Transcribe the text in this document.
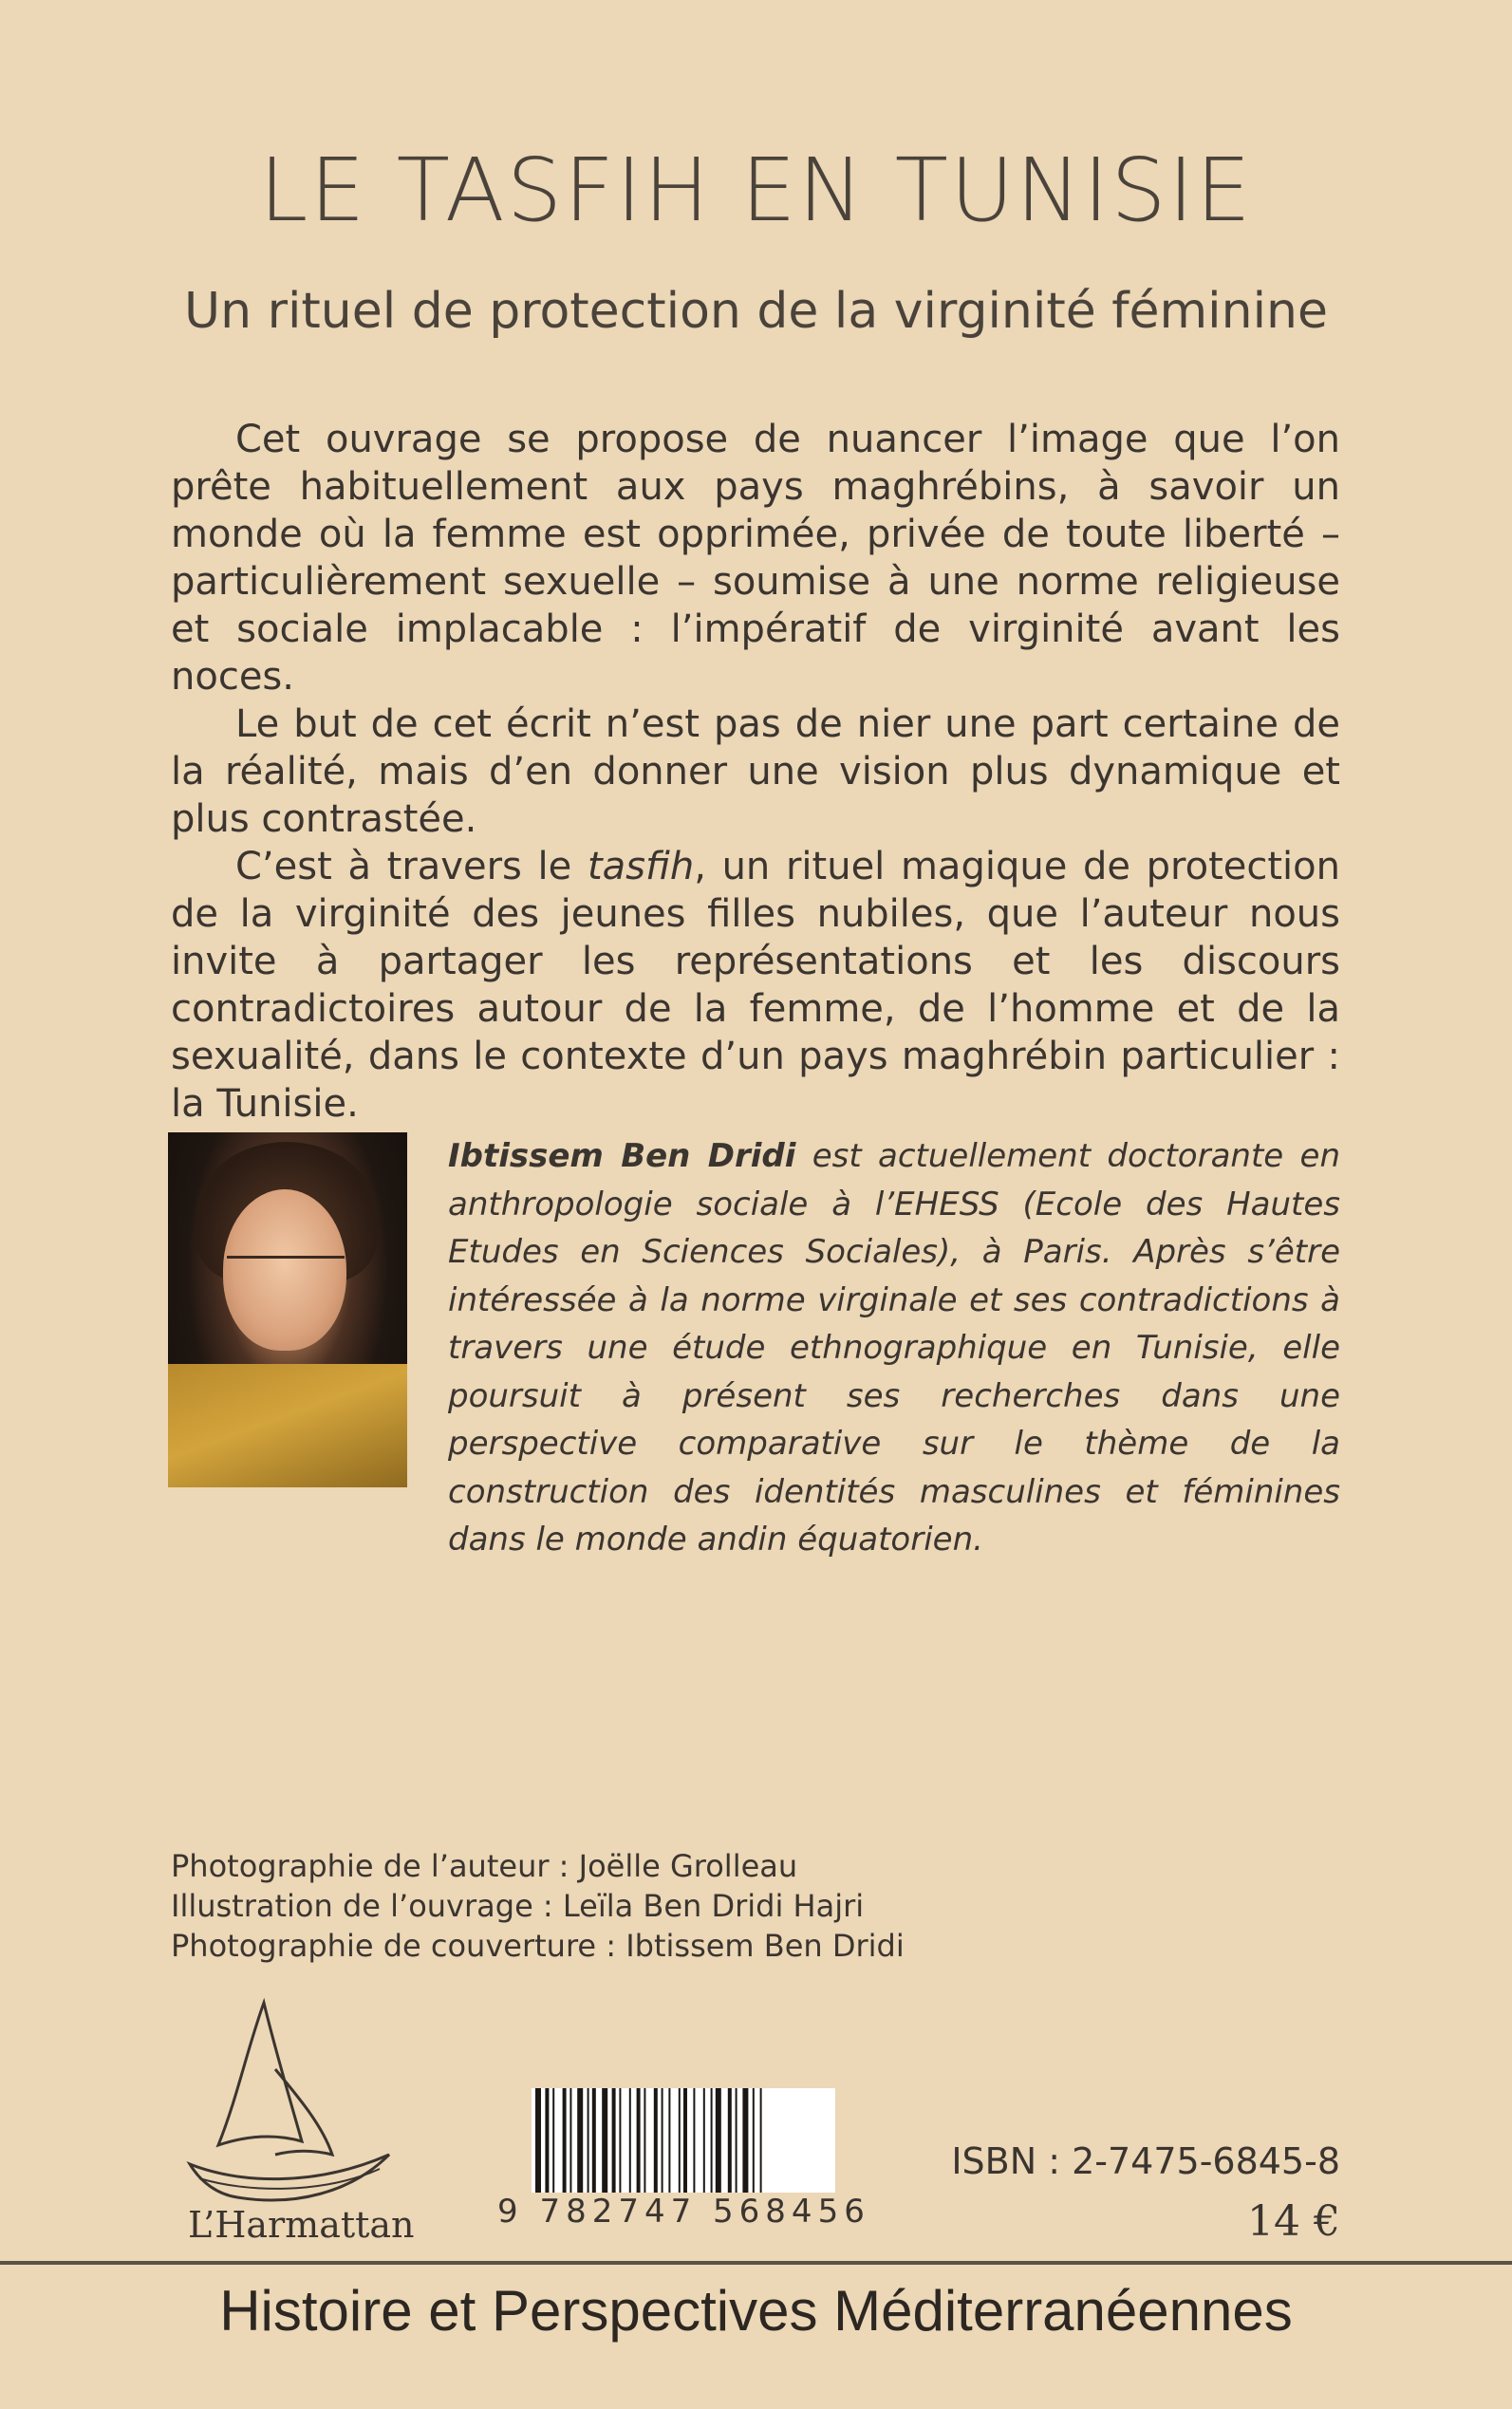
LE TASFIH EN TUNISIE
Un rituel de protection de la virginité féminine

Cet ouvrage se propose de nuancer l’image que l’on prête habituellement aux pays maghrébins, à savoir un monde où la femme est opprimée, privée de toute liberté – particulièrement sexuelle – soumise à une norme religieuse et sociale implacable : l’impératif de virginité avant les noces.

Le but de cet écrit n’est pas de nier une part certaine de la réalité, mais d’en donner une vision plus dynamique et plus contrastée.

C’est à travers le tasfih, un rituel magique de protection de la virginité des jeunes filles nubiles, que l’auteur nous invite à partager les représentations et les discours contradictoires autour de la femme, de l’homme et de la sexualité, dans le contexte d’un pays maghrébin particulier : la Tunisie.

Ibtissem Ben Dridi est actuellement doctorante en anthropologie sociale à l’EHESS (Ecole des Hautes Etudes en Sciences Sociales), à Paris. Après s’être intéressée à la norme virginale et ses contradictions à travers une étude ethnographique en Tunisie, elle poursuit à présent ses recherches dans une perspective comparative sur le thème de la construction des identités masculines et féminines dans le monde andin équatorien.
Photographie de l’auteur : Joëlle Grolleau
Illustration de l’ouvrage : Leïla Ben Dridi Hajri
Photographie de couverture : Ibtissem Ben Dridi
L’Harmattan	9 782747 568456
ISBN : 2-7475-6845-8
14 €
Histoire et Perspectives Méditerranéennes
